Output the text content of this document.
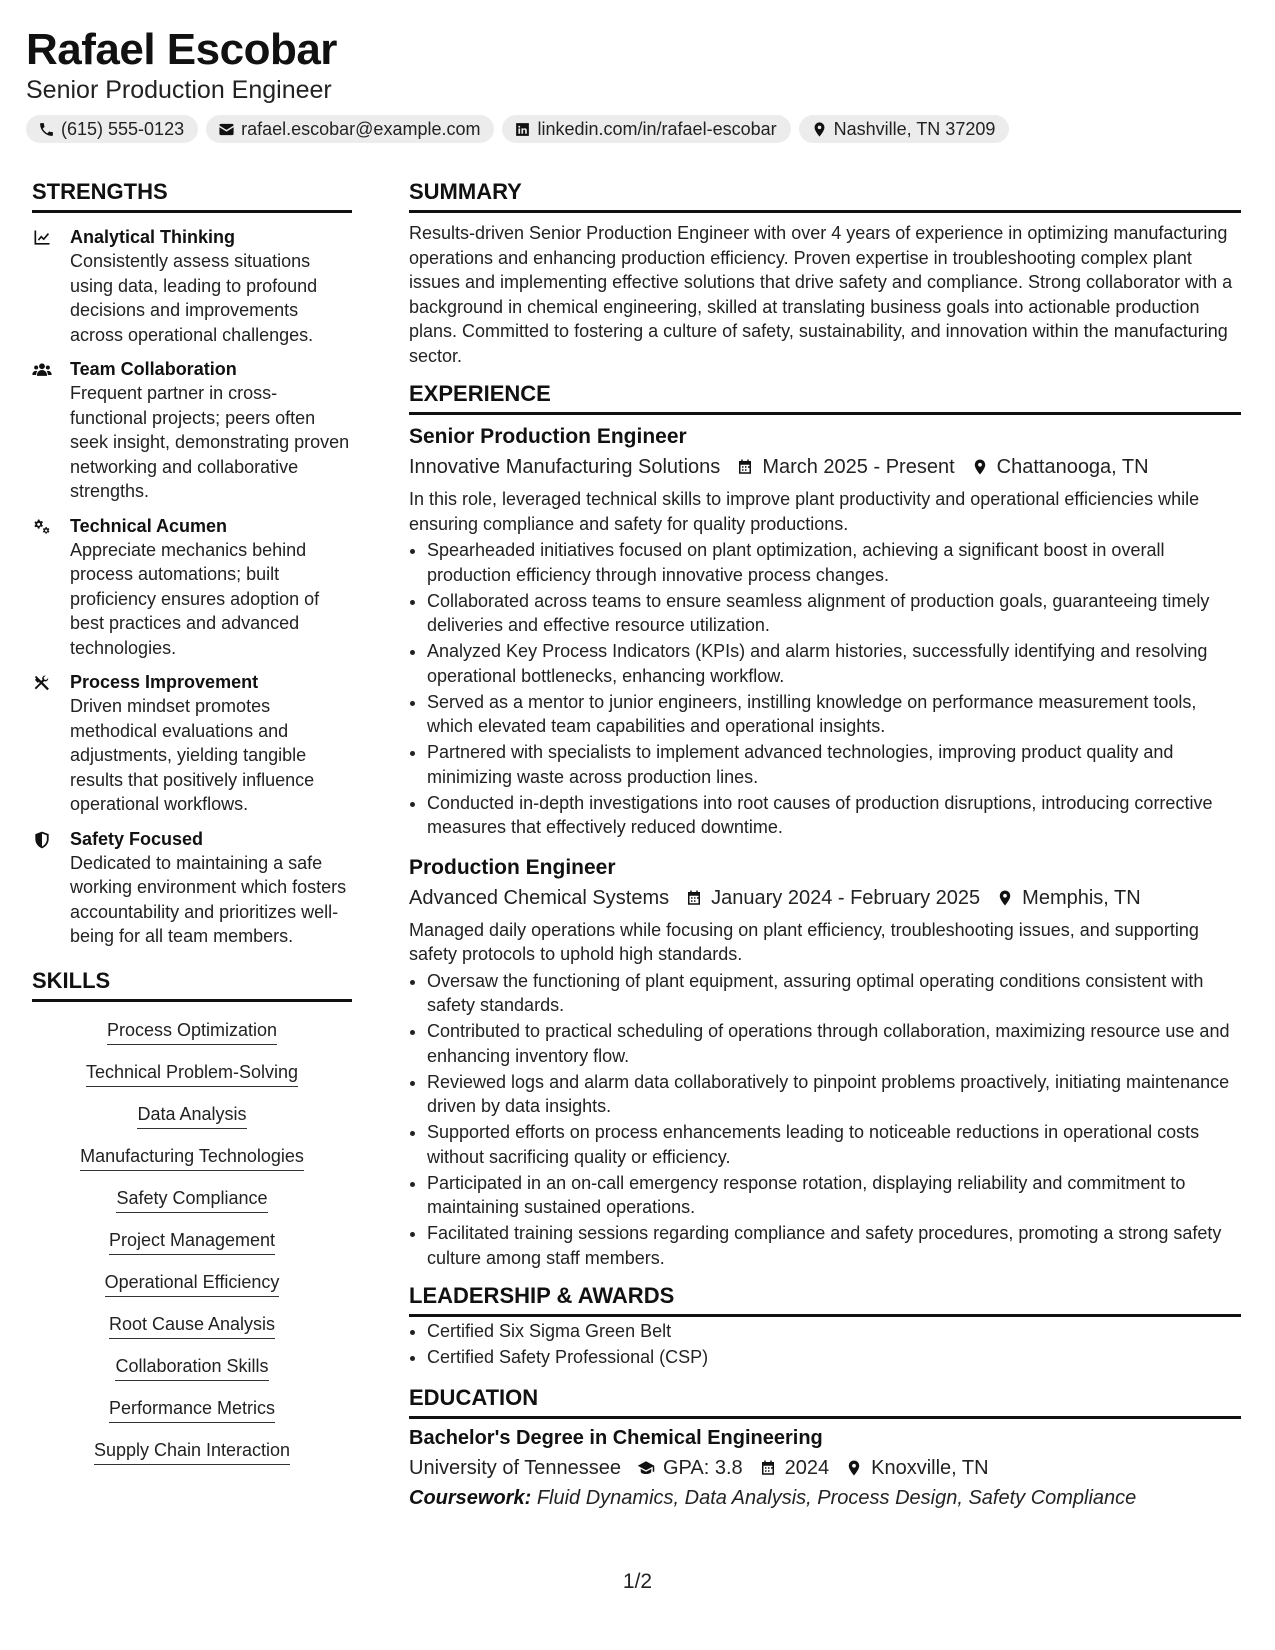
Rafael Escobar
Senior Production Engineer
(615) 555-0123	rafael.escobar@example.com	linkedin.com/in/rafael-escobar	Nashville, TN 37209
STRENGTHS
Analytical Thinking
Consistently assess situations using data, leading to profound decisions and improvements across operational challenges.
Team Collaboration
Frequent partner in cross-functional projects; peers often seek insight, demonstrating proven networking and collaborative strengths.
Technical Acumen
Appreciate mechanics behind process automations; built proficiency ensures adoption of best practices and advanced technologies.
Process Improvement
Driven mindset promotes methodical evaluations and adjustments, yielding tangible results that positively influence operational workflows.
Safety Focused
Dedicated to maintaining a safe working environment which fosters accountability and prioritizes well-being for all team members.
SKILLS
Process Optimization
Technical Problem-Solving
Data Analysis
Manufacturing Technologies
Safety Compliance
Project Management
Operational Efficiency
Root Cause Analysis
Collaboration Skills
Performance Metrics
Supply Chain Interaction
SUMMARY
Results-driven Senior Production Engineer with over 4 years of experience in optimizing manufacturing operations and enhancing production efficiency. Proven expertise in troubleshooting complex plant issues and implementing effective solutions that drive safety and compliance. Strong collaborator with a background in chemical engineering, skilled at translating business goals into actionable production plans. Committed to fostering a culture of safety, sustainability, and innovation within the manufacturing sector.
EXPERIENCE
Senior Production Engineer
Innovative Manufacturing Solutions March 2025 - Present Chattanooga, TN
In this role, leveraged technical skills to improve plant productivity and operational efficiencies while ensuring compliance and safety for quality productions.
• Spearheaded initiatives focused on plant optimization, achieving a significant boost in overall production efficiency through innovative process changes.
• Collaborated across teams to ensure seamless alignment of production goals, guaranteeing timely deliveries and effective resource utilization.
• Analyzed Key Process Indicators (KPIs) and alarm histories, successfully identifying and resolving operational bottlenecks, enhancing workflow.
• Served as a mentor to junior engineers, instilling knowledge on performance measurement tools, which elevated team capabilities and operational insights.
• Partnered with specialists to implement advanced technologies, improving product quality and minimizing waste across production lines.
• Conducted in-depth investigations into root causes of production disruptions, introducing corrective measures that effectively reduced downtime.
Production Engineer
Advanced Chemical Systems January 2024 - February 2025 Memphis, TN
Managed daily operations while focusing on plant efficiency, troubleshooting issues, and supporting safety protocols to uphold high standards.
• Oversaw the functioning of plant equipment, assuring optimal operating conditions consistent with safety standards.
• Contributed to practical scheduling of operations through collaboration, maximizing resource use and enhancing inventory flow.
• Reviewed logs and alarm data collaboratively to pinpoint problems proactively, initiating maintenance driven by data insights.
• Supported efforts on process enhancements leading to noticeable reductions in operational costs without sacrificing quality or efficiency.
• Participated in an on-call emergency response rotation, displaying reliability and commitment to maintaining sustained operations.
• Facilitated training sessions regarding compliance and safety procedures, promoting a strong safety culture among staff members.
LEADERSHIP & AWARDS
• Certified Six Sigma Green Belt
• Certified Safety Professional (CSP)
EDUCATION
Bachelor's Degree in Chemical Engineering
University of Tennessee GPA: 3.8 2024 Knoxville, TN
Coursework: Fluid Dynamics, Data Analysis, Process Design, Safety Compliance
1/2
